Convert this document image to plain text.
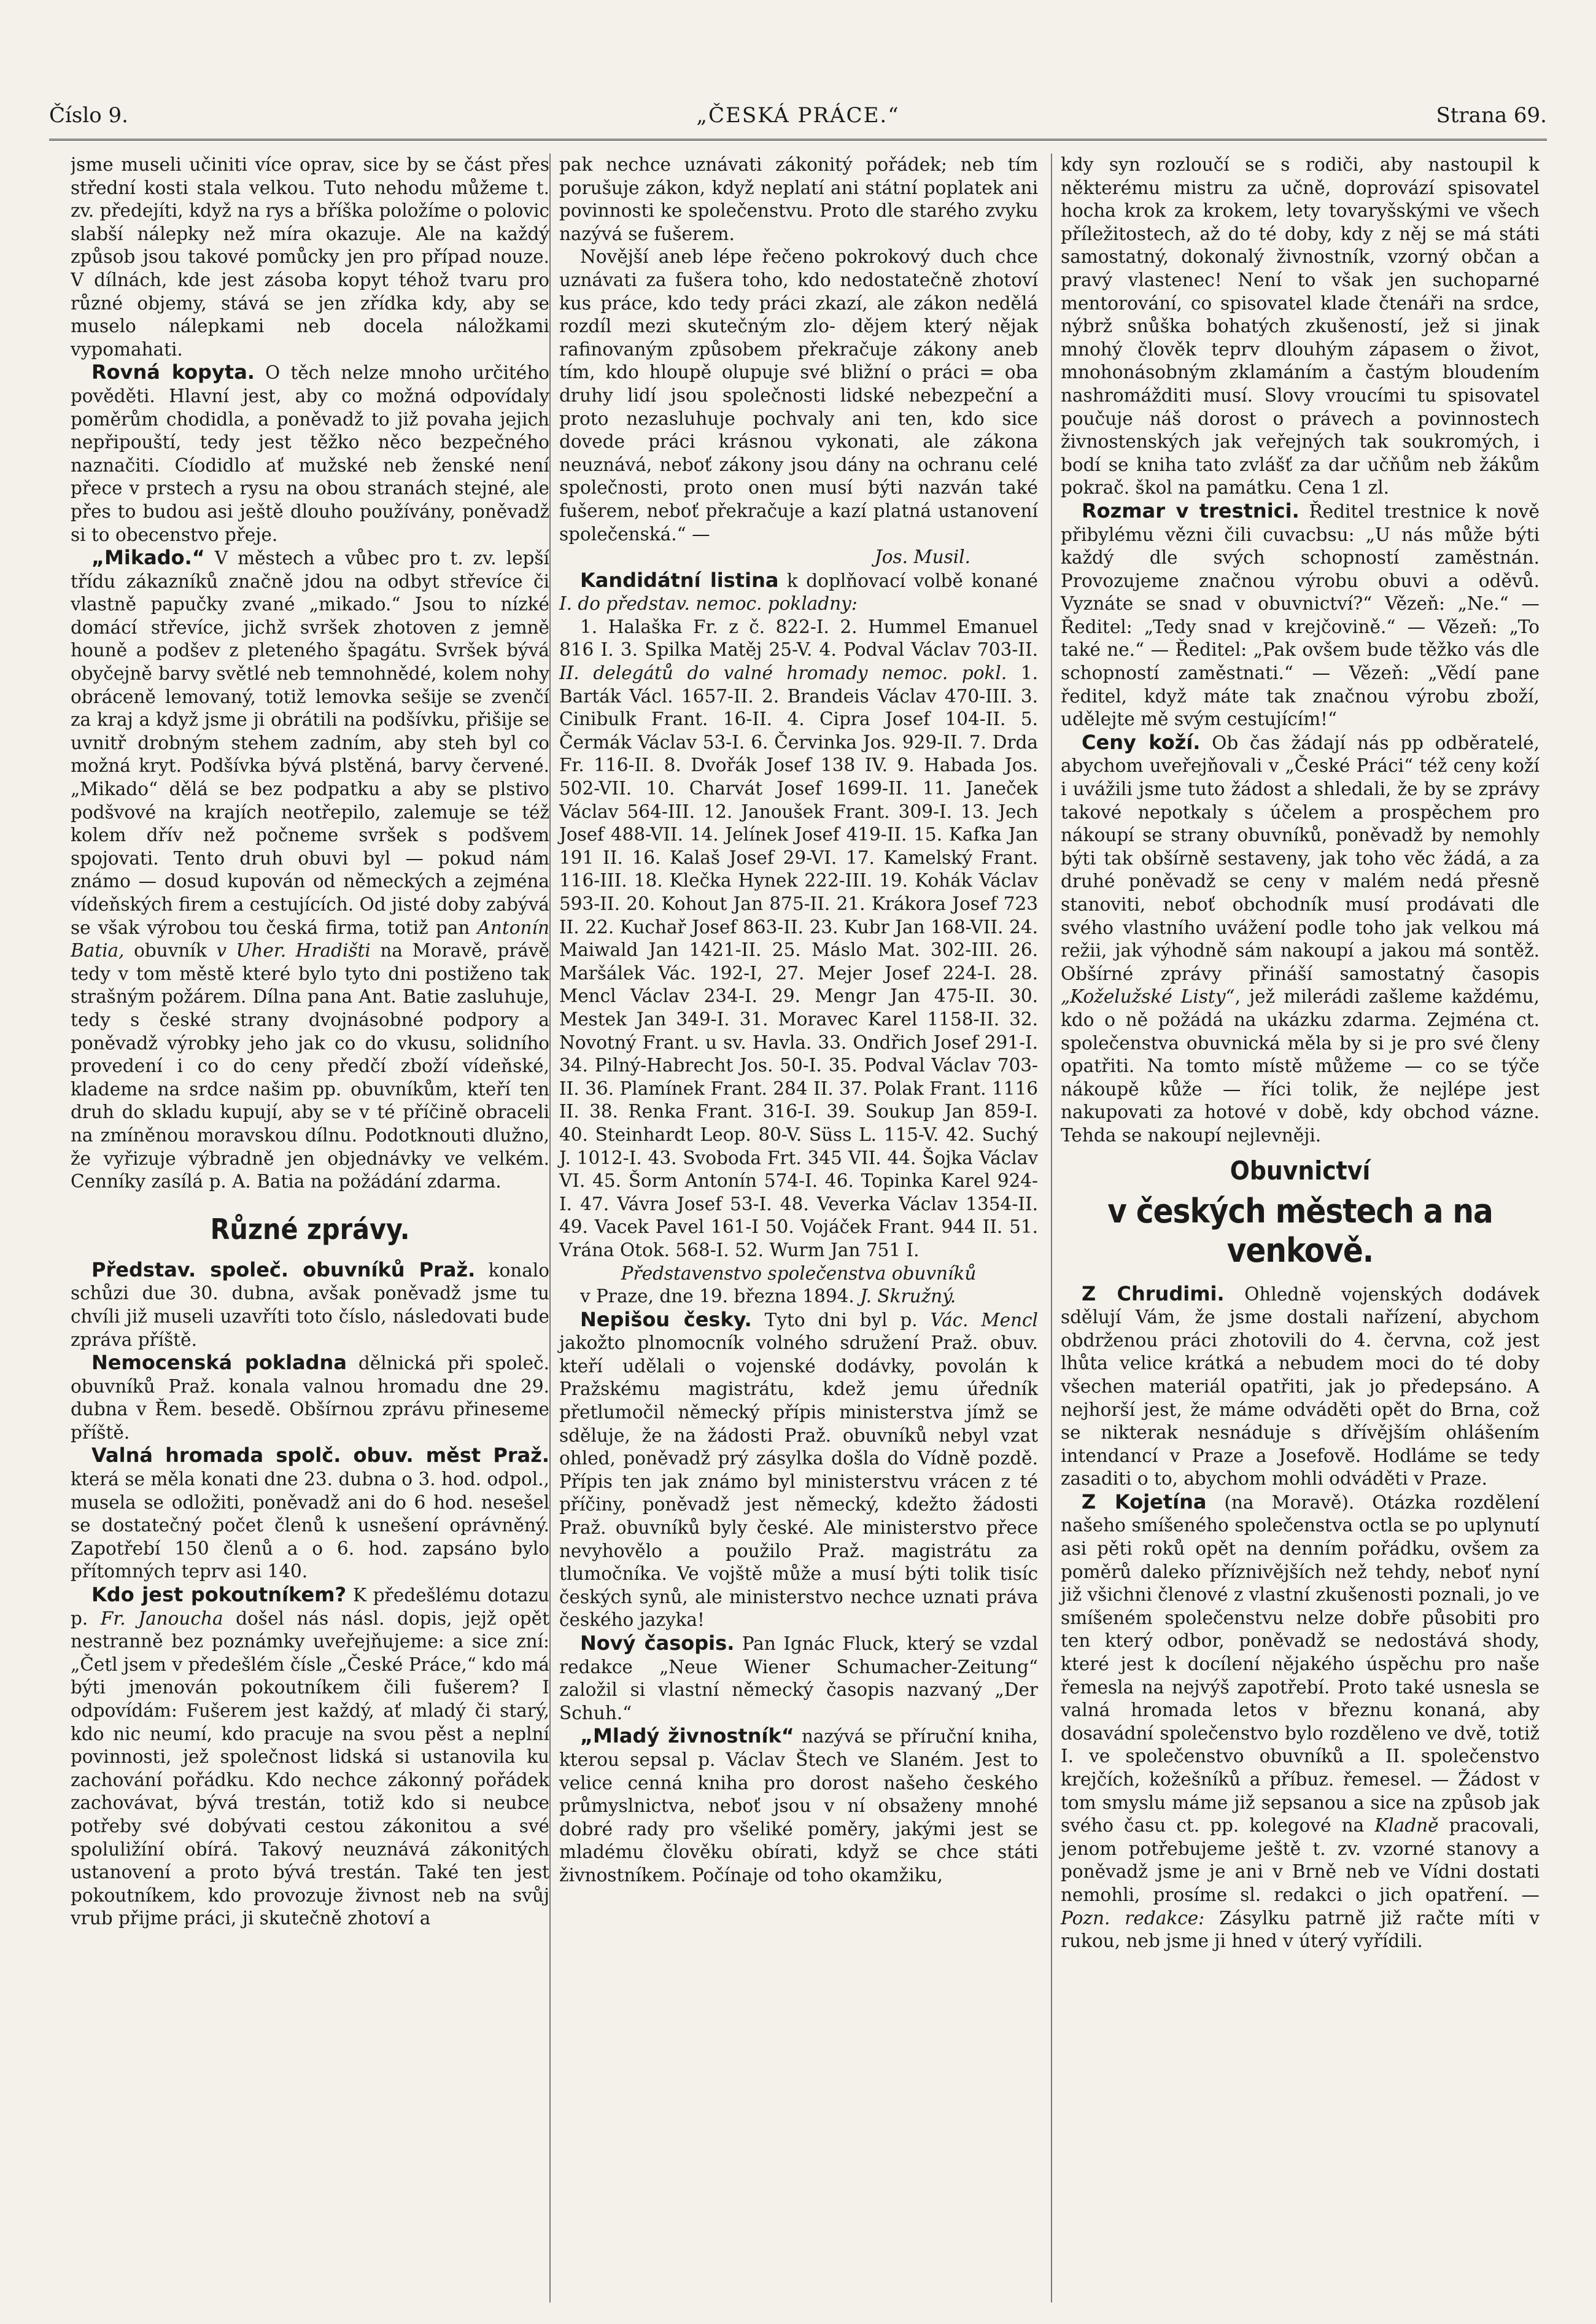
Číslo 9.	„ČESKÁ PRÁCE.“	Strana 69.

jsme museli učiniti více oprav, sice by se část přes střední kosti stala velkou. Tuto nehodu můžeme t. zv. předejíti, když na rys a bříška položíme o polovic slabší nálepky než míra okazuje. Ale na každý způsob jsou takové pomůcky jen pro případ nouze. V dílnách, kde jest zásoba kopyt téhož tvaru pro různé objemy, stává se jen zřídka kdy, aby se muselo nálepkami neb docela náložkami vypomahati.

Rovná kopyta. O těch nelze mnoho určitého pověděti. Hlavní jest, aby co možná odpovídaly poměrům chodidla, a poněvadž to již povaha jejich nepřipouští, tedy jest těžko něco bezpečného naznačiti. Cíodidlo ať mužské neb ženské není přece v prstech a rysu na obou stranách stejné, ale přes to budou asi ještě dlouho používány, poněvadž si to obecenstvo přeje.

„Mikado.“ V městech a vůbec pro t. zv. lepší třídu zákazníků značně jdou na odbyt střevíce či vlastně papučky zvané „mikado.“ Jsou to nízké domácí střevíce, jichž svršek zhotoven z jemně houně a podšev z pleteného špagátu. Svršek bývá obyčejně barvy světlé neb temnohnědé, kolem nohy obráceně lemovaný, totiž lemovka sešije se zvenčí za kraj a když jsme ji obrátili na podšívku, přišije se uvnitř drobným stehem zadním, aby steh byl co možná kryt. Podšívka bývá plstěná, barvy červené. „Mikado“ dělá se bez podpatku a aby se plstivo podšvové na krajích neotřepilo, zalemuje se též kolem dřív než počneme svršek s podšvem spojovati. Tento druh obuvi byl — pokud nám známo — dosud kupován od německých a zejména vídeňských firem a cestujících. Od jisté doby zabývá se však výrobou tou česká firma, totiž pan Antonín Batia, obuvník v Uher. Hradišti na Moravě, právě tedy v tom městě které bylo tyto dni postiženo tak strašným požárem. Dílna pana Ant. Batie zasluhuje, tedy s české strany dvojnásobné podpory a poněvadž výrobky jeho jak co do vkusu, solidního provedení i co do ceny předčí zboží vídeňské, klademe na srdce našim pp. obuvníkům, kteří ten druh do skladu kupují, aby se v té příčině obraceli na zmíněnou moravskou dílnu. Podotknouti dlužno, že vyřizuje výbradně jen objednávky ve velkém. Cenníky zasílá p. A. Batia na požádání zdarma.

Různé zprávy.

Představ. společ. obuvníků Praž. konalo schůzi due 30. dubna, avšak poněvadž jsme tu chvíli již museli uzavříti toto číslo, následovati bude zpráva příště.

Nemocenská pokladna dělnická při společ. obuvníků Praž. konala valnou hromadu dne 29. dubna v Řem. besedě. Obšírnou zprávu přineseme příště.

Valná hromada spolč. obuv. měst Praž. která se měla konati dne 23. dubna o 3. hod. odpol., musela se odložiti, poněvadž ani do 6 hod. nesešel se dostatečný počet členů k usnešení oprávněný. Zapotřebí 150 členů a o 6. hod. zapsáno bylo přítomných teprv asi 140.

Kdo jest pokoutníkem? K předešlému dotazu p. Fr. Janoucha došel nás násl. dopis, jejž opět nestranně bez poznámky uveřejňujeme: a sice zní: „Četl jsem v předešlém čísle „České Práce,“ kdo má býti jmenován pokoutníkem čili fušerem? I odpovídám: Fušerem jest každý, ať mladý či starý, kdo nic neumí, kdo pracuje na svou pěst a neplní povinnosti, jež společnost lidská si ustanovila ku zachování pořádku. Kdo nechce zákonný pořádek zachovávat, bývá trestán, totiž kdo si neubce potřeby své dobývati cestou zákonitou a své spoluližíní obírá. Takový neuznává zákonitých ustanovení a proto bývá trestán. Také ten jest pokoutníkem, kdo provozuje živnost neb na svůj vrub přijme práci, ji skutečně zhotoví a

pak nechce uznávati zákonitý pořádek; neb tím porušuje zákon, když neplatí ani státní poplatek ani povinnosti ke společenstvu. Proto dle starého zvyku nazývá se fušerem.

Novější aneb lépe řečeno pokrokový duch chce uznávati za fušera toho, kdo nedostatečně zhotoví kus práce, kdo tedy práci zkazí, ale zákon nedělá rozdíl mezi skutečným zlo- dějem který nějak rafinovaným způsobem překračuje zákony aneb tím, kdo hloupě olupuje své bližní o práci = oba druhy lidí jsou společnosti lidské nebezpeční a proto nezasluhuje pochvaly ani ten, kdo sice dovede práci krásnou vykonati, ale zákona neuznává, neboť zákony jsou dány na ochranu celé společnosti, proto onen musí býti nazván také fušerem, neboť překračuje a kazí platná ustanovení společenská.“ —

Jos. Musil.

Kandidátní listina k doplňovací volbě konané I. do představ. nemoc. pokladny:

1. Halaška Fr. z č. 822-I. 2. Hummel Emanuel 816 I. 3. Spilka Matěj 25-V. 4. Podval Václav 703-II. II. delegátů do valné hromady nemoc. pokl. 1. Barták Václ. 1657-II. 2. Brandeis Václav 470-III. 3. Cinibulk Frant. 16-II. 4. Cipra Josef 104-II. 5. Čermák Václav 53-I. 6. Červinka Jos. 929-II. 7. Drda Fr. 116-II. 8. Dvořák Josef 138 IV. 9. Habada Jos. 502-VII. 10. Charvát Josef 1699-II. 11. Janeček Václav 564-III. 12. Janoušek Frant. 309-I. 13. Jech Josef 488-VII. 14. Jelínek Josef 419-II. 15. Kafka Jan 191 II. 16. Kalaš Josef 29-VI. 17. Kamelský Frant. 116-III. 18. Klečka Hynek 222-III. 19. Kohák Václav 593-II. 20. Kohout Jan 875-II. 21. Krákora Josef 723 II. 22. Kuchař Josef 863-II. 23. Kubr Jan 168-VII. 24. Maiwald Jan 1421-II. 25. Máslo Mat. 302-III. 26. Maršálek Vác. 192-I, 27. Mejer Josef 224-I. 28. Mencl Václav 234-I. 29. Mengr Jan 475-II. 30. Mestek Jan 349-I. 31. Moravec Karel 1158-II. 32. Novotný Frant. u sv. Havla. 33. Ondřich Josef 291-I. 34. Pilný-Habrecht Jos. 50-I. 35. Podval Václav 703-II. 36. Plamínek Frant. 284 II. 37. Polak Frant. 1116 II. 38. Renka Frant. 316-I. 39. Soukup Jan 859-I. 40. Steinhardt Leop. 80-V. Süss L. 115-V. 42. Suchý J. 1012-I. 43. Svoboda Frt. 345 VII. 44. Šojka Václav VI. 45. Šorm Antonín 574-I. 46. Topinka Karel 924-I. 47. Vávra Josef 53-I. 48. Veverka Václav 1354-II. 49. Vacek Pavel 161-I 50. Vojáček Frant. 944 II. 51. Vrána Otok. 568-I. 52. Wurm Jan 751 I.

Představenstvo společenstva obuvníků

v Praze, dne 19. března 1894. J. Skružný.

Nepišou česky. Tyto dni byl p. Vác. Mencl jakožto plnomocník volného sdružení Praž. obuv. kteří udělali o vojenské dodávky, povolán k Pražskému magistrátu, kdež jemu úředník přetlumočil německý přípis ministerstva jímž se sděluje, že na žádosti Praž. obuvníků nebyl vzat ohled, poněvadž prý zásylka došla do Vídně pozdě. Přípis ten jak známo byl ministerstvu vrácen z té příčiny, poněvadž jest německý, kdežto žádosti Praž. obuvníků byly české. Ale ministerstvo přece nevyhovělo a použilo Praž. magistrátu za tlumočníka. Ve vojště může a musí býti tolik tisíc českých synů, ale ministerstvo nechce uznati práva českého jazyka!

Nový časopis. Pan Ignác Fluck, který se vzdal redakce „Neue Wiener Schumacher-Zeitung“ založil si vlastní německý časopis nazvaný „Der Schuh.“

„Mladý živnostník“ nazývá se příruční kniha, kterou sepsal p. Václav Štech ve Slaném. Jest to velice cenná kniha pro dorost našeho českého průmyslnictva, neboť jsou v ní obsaženy mnohé dobré rady pro všeliké poměry, jakými jest se mladému člověku obírati, když se chce státi živnostníkem. Počínaje od toho okamžiku,

kdy syn rozloučí se s rodiči, aby nastoupil k některému mistru za učně, doprovází spisovatel hocha krok za krokem, lety tovaryšskými ve všech příležitostech, až do té doby, kdy z něj se má státi samostatný, dokonalý živnostník, vzorný občan a pravý vlastenec! Není to však jen suchoparné mentorování, co spisovatel klade čtenáři na srdce, nýbrž snůška bohatých zkušeností, jež si jinak mnohý člověk teprv dlouhým zápasem o život, mnohonásobným zklamáním a častým bloudením nashromážditi musí. Slovy vroucími tu spisovatel poučuje náš dorost o právech a povinnostech živnostenských jak veřejných tak soukromých, i bodí se kniha tato zvlášť za dar učňům neb žákům pokrač. škol na památku. Cena 1 zl.

Rozmar v trestnici. Ředitel trestnice k nově přibylému vězni čili cuvacbsu: „U nás může býti každý dle svých schopností zaměstnán. Provozujeme značnou výrobu obuvi a oděvů. Vyznáte se snad v obuvnictví?“ Vězeň: „Ne.“ — Ředitel: „Tedy snad v krejčovině.“ — Vězeň: „To také ne.“ — Ředitel: „Pak ovšem bude těžko vás dle schopností zaměstnati.“ — Vězeň: „Vědí pane ředitel, když máte tak značnou výrobu zboží, udělejte mě svým cestujícím!“

Ceny koží. Ob čas žádají nás pp odběratelé, abychom uveřejňovali v „České Práci“ též ceny koží i uvážili jsme tuto žádost a shledali, že by se zprávy takové nepotkaly s účelem a prospěchem pro nákoupí se strany obuvníků, poněvadž by nemohly býti tak obšírně sestaveny, jak toho věc žádá, a za druhé poněvadž se ceny v malém nedá přesně stanoviti, neboť obchodník musí prodávati dle svého vlastního uvážení podle toho jak velkou má režii, jak výhodně sám nakoupí a jakou má sontěž. Obšírné zprávy přináší samostatný časopis „Koželužské Listy“, jež milerádi zašleme každému, kdo o ně požádá na ukázku zdarma. Zejména ct. společenstva obuvnická měla by si je pro své členy opatřiti. Na tomto místě můžeme — co se týče nákoupě kůže — říci tolik, že nejlépe jest nakupovati za hotové v době, kdy obchod vázne. Tehda se nakoupí nejlevněji.

Obuvnictví
v českých městech a na venkově.

Z Chrudimi. Ohledně vojenských dodávek sdělují Vám, že jsme dostali nařízení, abychom obdrženou práci zhotovili do 4. června, což jest lhůta velice krátká a nebudem moci do té doby všechen materiál opatřiti, jak jo předepsáno. A nejhorší jest, že máme odváděti opět do Brna, což se nikterak nesnáduje s dřívějším ohlášením intendancí v Praze a Josefově. Hodláme se tedy zasaditi o to, abychom mohli odváděti v Praze.

Z Kojetína (na Moravě). Otázka rozdělení našeho smíšeného společenstva octla se po uplynutí asi pěti roků opět na denním pořádku, ovšem za poměrů daleko příznivějších než tehdy, neboť nyní již všichni členové z vlastní zkušenosti poznali, jo ve smíšeném společenstvu nelze dobře působiti pro ten který odbor, poněvadž se nedostává shody, které jest k docílení nějakého úspěchu pro naše řemesla na nejvýš zapotřebí. Proto také usnesla se valná hromada letos v březnu konaná, aby dosavádní společenstvo bylo rozděleno ve dvě, totiž I. ve společenstvo obuvníků a II. společenstvo krejčích, kožešníků a příbuz. řemesel. — Žádost v tom smyslu máme již sepsanou a sice na způsob jak svého času ct. pp. kolegové na Kladně pracovali, jenom potřebujeme ještě t. zv. vzorné stanovy a poněvadž jsme je ani v Brně neb ve Vídni dostati nemohli, prosíme sl. redakci o jich opatření. — Pozn. redakce: Zásylku patrně již račte míti v rukou, neb jsme ji hned v úterý vyřídili.
